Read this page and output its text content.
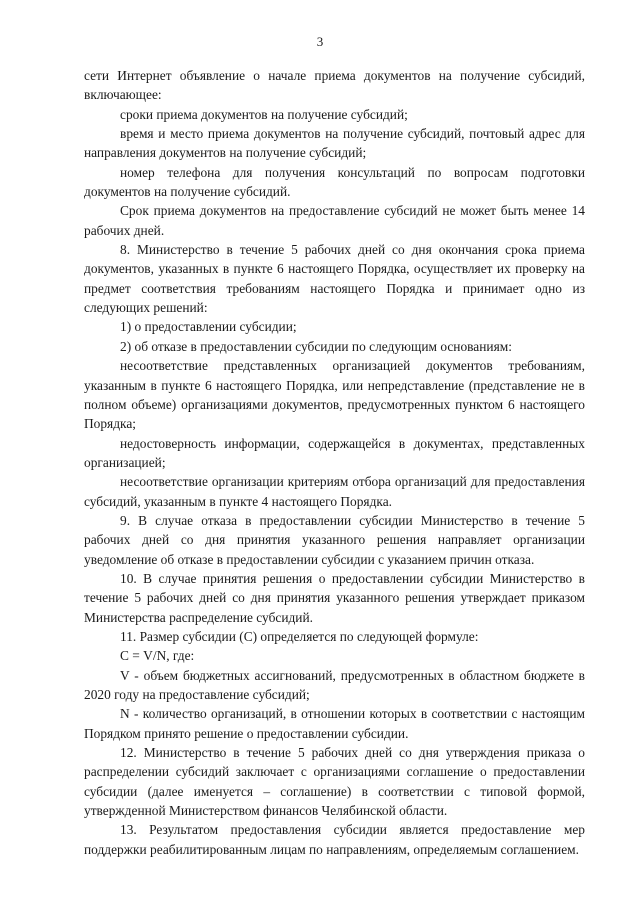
3

сети Интернет объявление о начале приема документов на получение субсидий, включающее:

сроки приема документов на получение субсидий;

время и место приема документов на получение субсидий, почтовый адрес для направления документов на получение субсидий;

номер телефона для получения консультаций по вопросам подготовки документов на получение субсидий.

Срок приема документов на предоставление субсидий не может быть менее 14 рабочих дней.

8. Министерство в течение 5 рабочих дней со дня окончания срока приема документов, указанных в пункте 6 настоящего Порядка, осуществляет их проверку на предмет соответствия требованиям настоящего Порядка и принимает одно из следующих решений:

1) о предоставлении субсидии;

2) об отказе в предоставлении субсидии по следующим основаниям:

несоответствие представленных организацией документов требованиям, указанным в пункте 6 настоящего Порядка, или непредставление (представление не в полном объеме) организациями документов, предусмотренных пунктом 6 настоящего Порядка;

недостоверность информации, содержащейся в документах, представленных организацией;

несоответствие организации критериям отбора организаций для предоставления субсидий, указанным в пункте 4 настоящего Порядка.

9. В случае отказа в предоставлении субсидии Министерство в течение 5 рабочих дней со дня принятия указанного решения направляет организации уведомление об отказе в предоставлении субсидии с указанием причин отказа.

10. В случае принятия решения о предоставлении субсидии Министерство в течение 5 рабочих дней со дня принятия указанного решения утверждает приказом Министерства распределение субсидий.

11. Размер субсидии (С) определяется по следующей формуле:

С = V/N, где:

V - объем бюджетных ассигнований, предусмотренных в областном бюджете в 2020 году на предоставление субсидий;

N - количество организаций, в отношении которых в соответствии с настоящим Порядком принято решение о предоставлении субсидии.

12. Министерство в течение 5 рабочих дней со дня утверждения приказа о распределении субсидий заключает с организациями соглашение о предоставлении субсидии (далее именуется – соглашение) в соответствии с типовой формой, утвержденной Министерством финансов Челябинской области.

13. Результатом предоставления субсидии является предоставление мер поддержки реабилитированным лицам по направлениям, определяемым соглашением.
